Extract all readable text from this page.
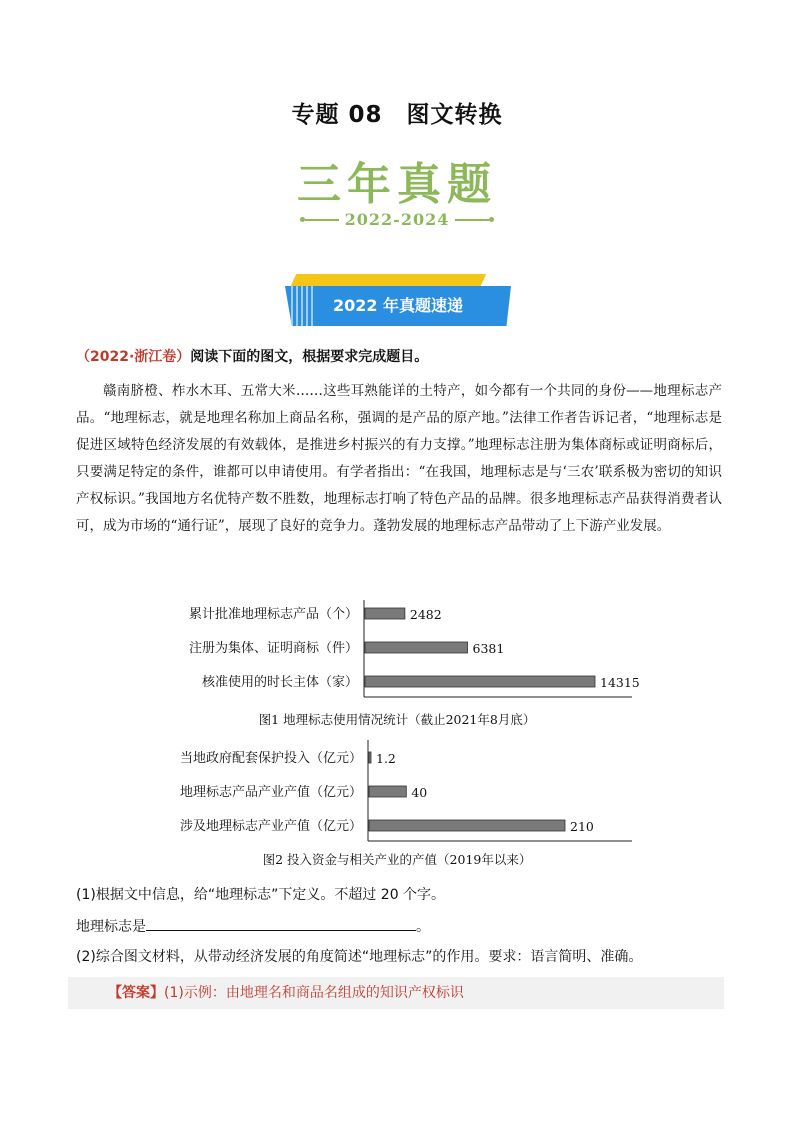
专题 08　图文转换
三年真题
2022-2024
2022 年真题速递
（2022·浙江卷）阅读下面的图文，根据要求完成题目。

赣南脐橙、柞水木耳、五常大米……这些耳熟能详的土特产，如今都有一个共同的身份——地理标志产品。“地理标志，就是地理名称加上商品名称，强调的是产品的原产地。”法律工作者告诉记者，“地理标志是促进区域特色经济发展的有效载体，是推进乡村振兴的有力支撑。”地理标志注册为集体商标或证明商标后，只要满足特定的条件，谁都可以申请使用。有学者指出：“在我国，地理标志是与‘三农’联系极为密切的知识产权标识。”我国地方名优特产数不胜数，地理标志打响了特色产品的品牌。很多地理标志产品获得消费者认可，成为市场的“通行证”，展现了良好的竞争力。蓬勃发展的地理标志产品带动了上下游产业发展。

累计批准地理标志产品（个）	2482
注册为集体、证明商标（件）	6381
核准使用的时长主体（家）	14315
图1 地理标志使用情况统计（截止2021年8月底）
当地政府配套保护投入（亿元） 1.2
地理标志产品产业产值（亿元）	40
涉及地理标志产业产值（亿元）	210
图2 投入资金与相关产业的产值（2019年以来）
(1)根据文中信息，给“地理标志”下定义。不超过 20 个字。
地理标志是	。
(2)综合图文材料，从带动经济发展的角度简述“地理标志”的作用。要求：语言简明、准确。
【答案】(1)示例：由地理名和商品名组成的知识产权标识
